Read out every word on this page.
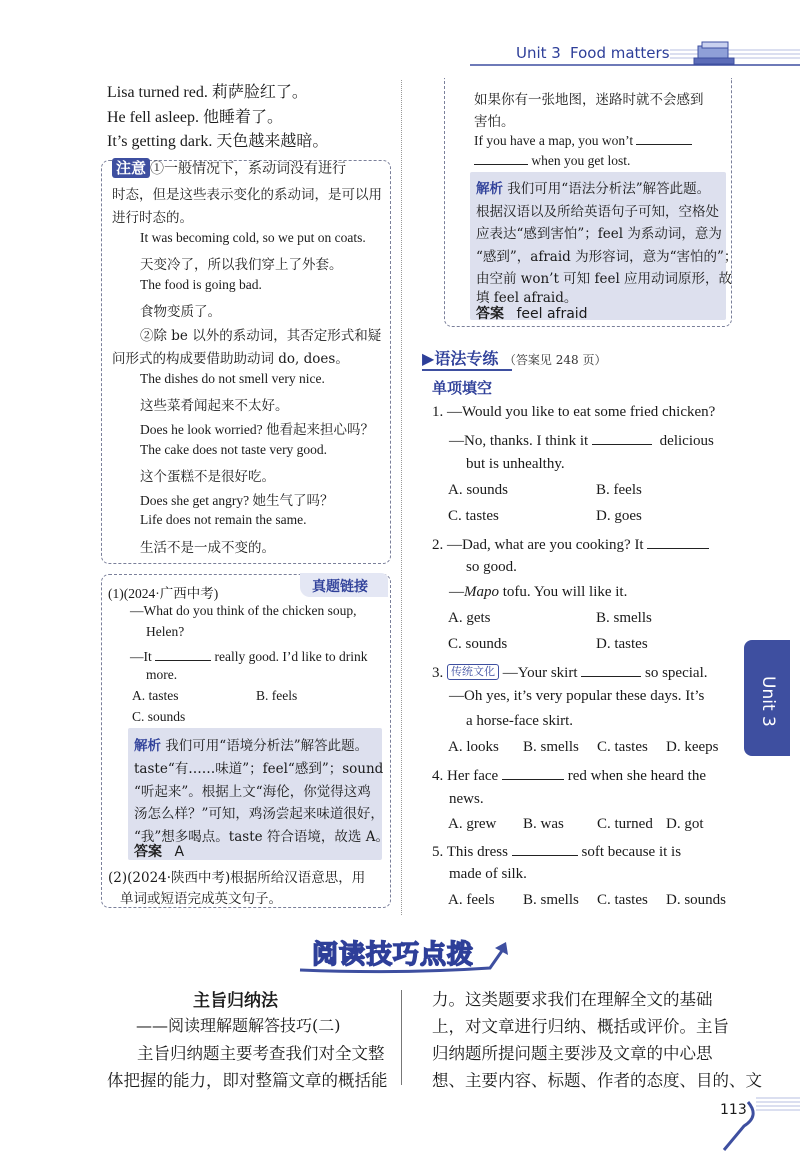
Unit 3 Food matters
Lisa turned red. 莉萨脸红了。
He fell asleep. 他睡着了。
It’s getting dark. 天色越来越暗。
注意 ①一般情况下，系动词没有进行
时态，但是这些表示变化的系动词，是可以用
进行时态的。
It was becoming cold, so we put on coats.
天变冷了，所以我们穿上了外套。
The food is going bad.
食物变质了。
②除 be 以外的系动词，其否定形式和疑
问形式的构成要借助助动词 do, does。
The dishes do not smell very nice.
这些菜肴闻起来不太好。
Does he look worried? 他看起来担心吗？
The cake does not taste very good.
这个蛋糕不是很好吃。
Does she get angry? 她生气了吗？
Life does not remain the same.
生活不是一成不变的。
真题链接
(1)(2024·广西中考)
—What do you think of the chicken soup,
Helen?
—It	really good. I’d like to drink
more.
A. tastes	B. feels
C. sounds
解析 我们可用“语境分析法”解答此题。
taste“有……味道”；feel“感到”；sound
“听起来”。根据上文“海伦，你觉得这鸡
汤怎么样？”可知，鸡汤尝起来味道很好，
“我”想多喝点。taste 符合语境，故选 A。
答案 A
(2)(2024·陕西中考)根据所给汉语意思，用
单词或短语完成英文句子。
如果你有一张地图，迷路时就不会感到
害怕。
If you have a map, you won’t
when you get lost.
解析 我们可用“语法分析法”解答此题。
根据汉语以及所给英语句子可知，空格处
应表达“感到害怕”；feel 为系动词，意为
“感到”，afraid 为形容词，意为“害怕的”；
由空前 won’t 可知 feel 应用动词原形，故
填 feel afraid。
答案 feel afraid
▶语法专练 （答案见 248 页）
单项填空
1. —Would you like to eat some fried chicken?
—No, thanks. I think it	delicious
but is unhealthy.
A. sounds	B. feels
C. tastes	D. goes
2. —Dad, what are you cooking? It
so good.
—Mapo tofu. You will like it.
A. gets	B. smells
C. sounds	D. tastes
3. 传统文化 —Your skirt	so special.
—Oh yes, it’s very popular these days. It’s
a horse-face skirt.
A. looks B. smells C. tastes D. keeps
4. Her face	red when she heard the
news.
A. grew B. was C. turned D. got
5. This dress	soft because it is
made of silk.
A. feels B. smells C. tastes D. sounds
Unit 3
阅读技巧点拨
主旨归纳法
——阅读理解题解答技巧(二)
主旨归纳题主要考查我们对全文整
体把握的能力，即对整篇文章的概括能
力。这类题要求我们在理解全文的基础
上，对文章进行归纳、概括或评价。主旨
归纳题所提问题主要涉及文章的中心思
想、主要内容、标题、作者的态度、目的、文
113
